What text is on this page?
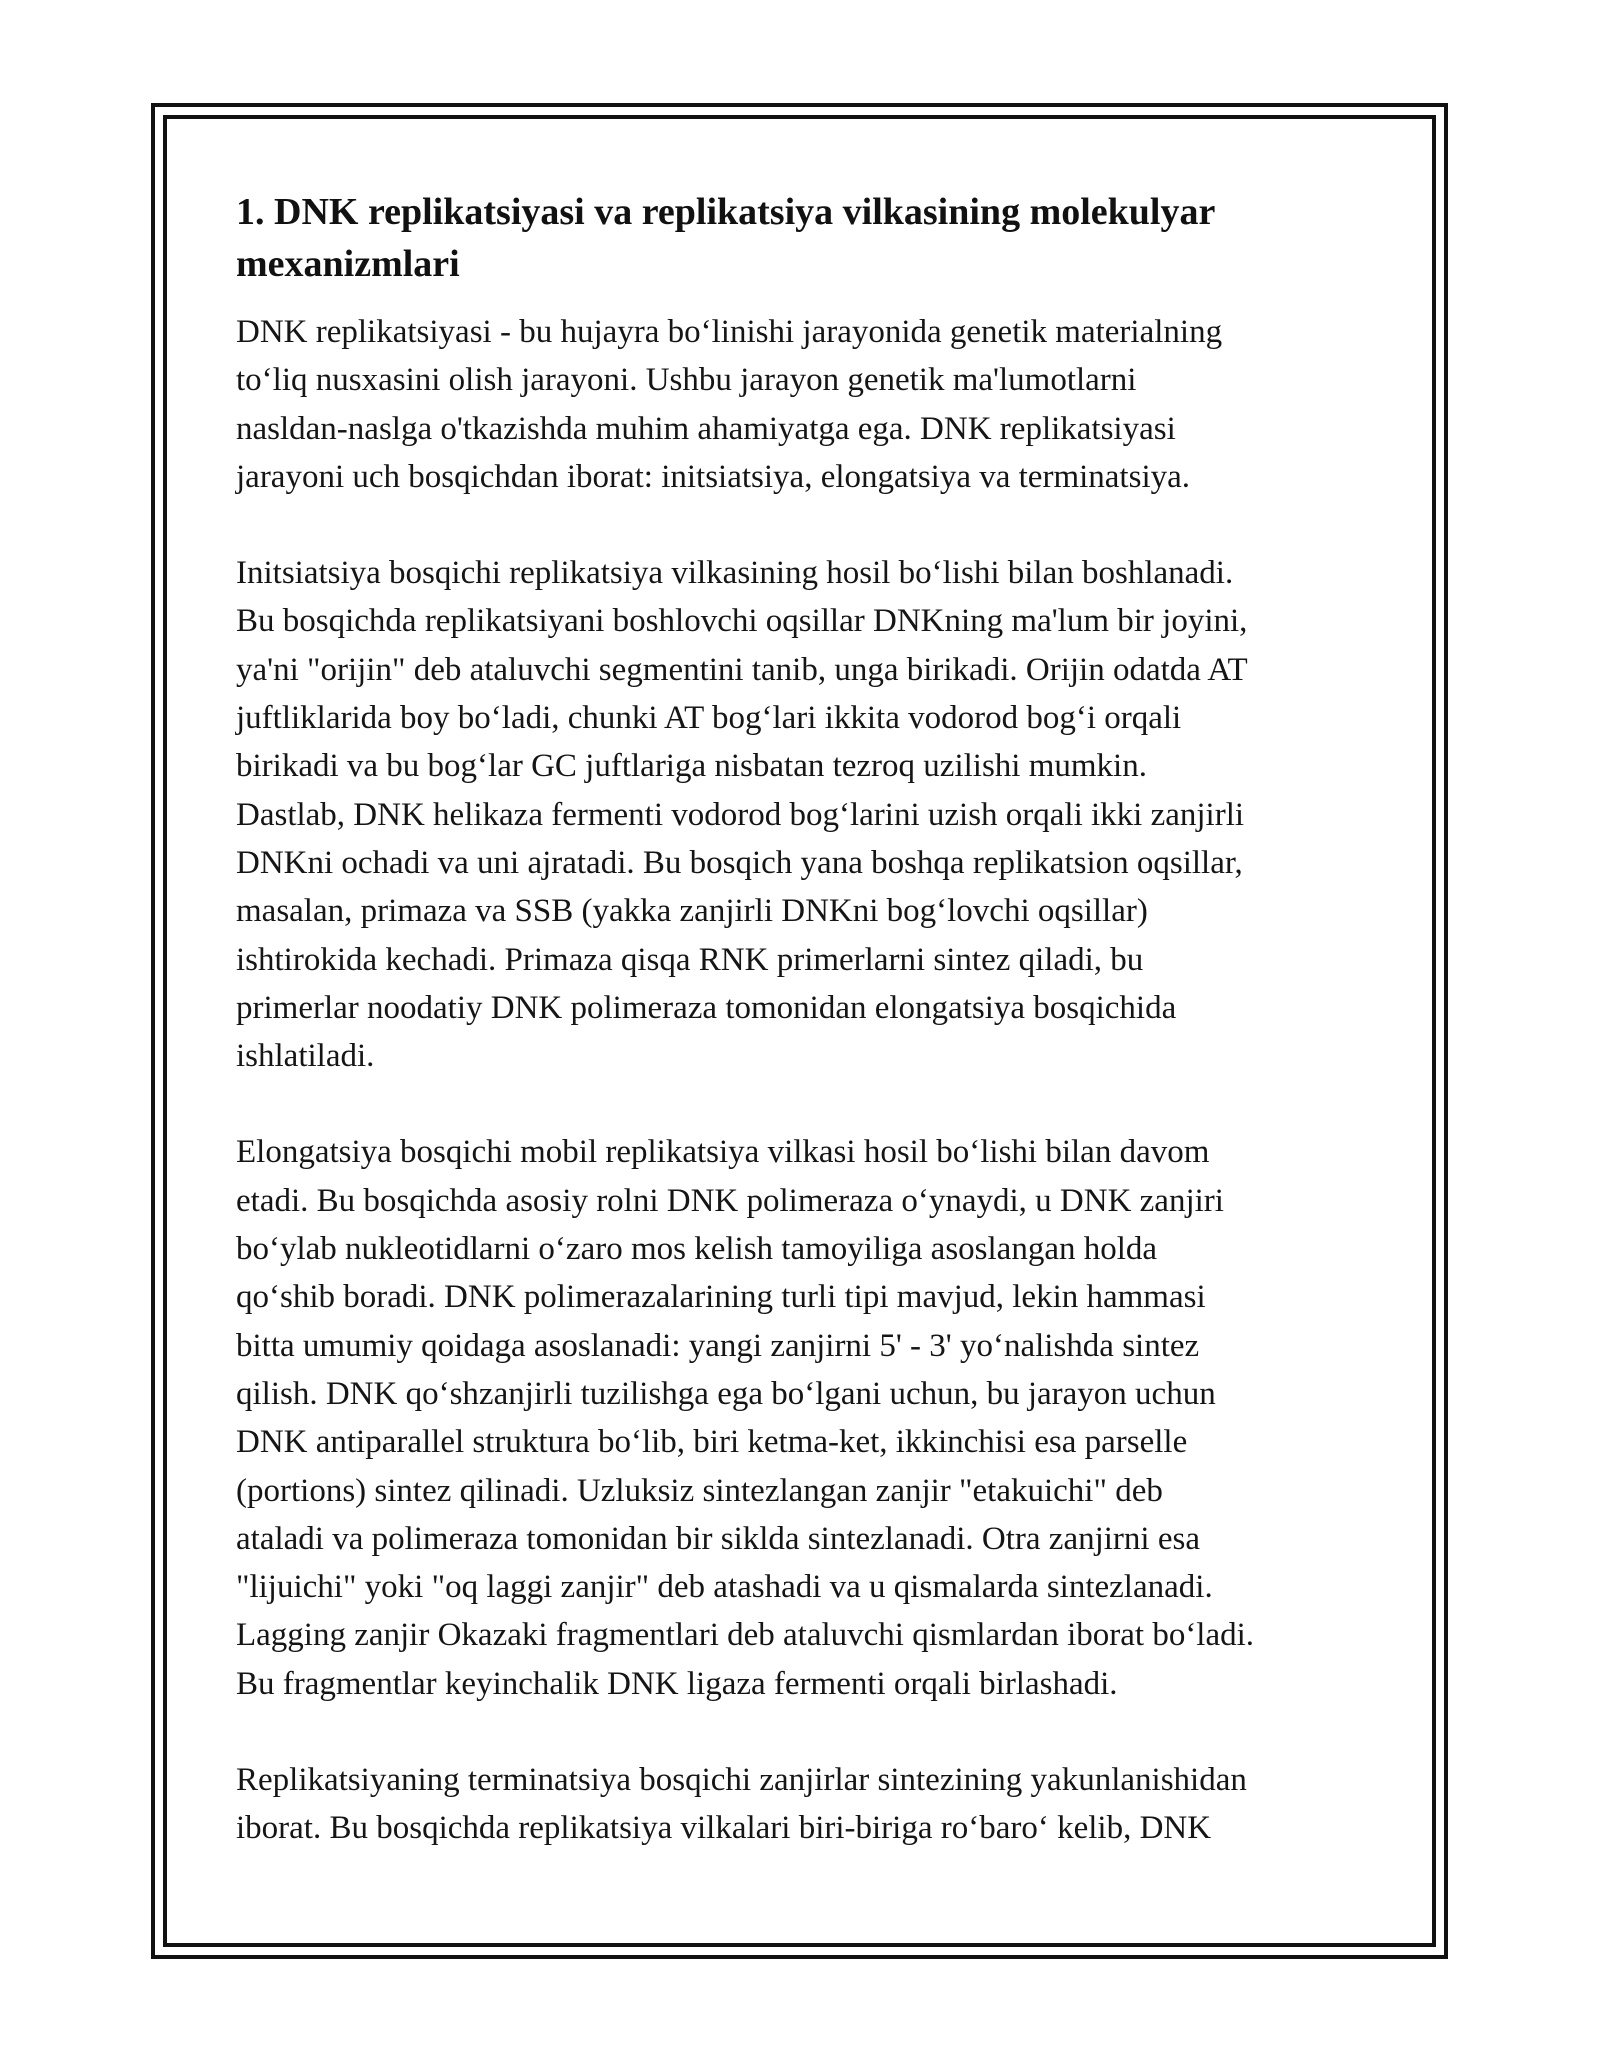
1. DNK replikatsiyasi va replikatsiya vilkasining molekulyar
mexanizmlari

DNK replikatsiyasi - bu hujayra bo‘linishi jarayonida genetik materialning
to‘liq nusxasini olish jarayoni. Ushbu jarayon genetik ma'lumotlarni
nasldan-naslga o'tkazishda muhim ahamiyatga ega. DNK replikatsiyasi
jarayoni uch bosqichdan iborat: initsiatsiya, elongatsiya va terminatsiya.

Initsiatsiya bosqichi replikatsiya vilkasining hosil bo‘lishi bilan boshlanadi.
Bu bosqichda replikatsiyani boshlovchi oqsillar DNKning ma'lum bir joyini,
ya'ni "orijin" deb ataluvchi segmentini tanib, unga birikadi. Orijin odatda AT
juftliklarida boy bo‘ladi, chunki AT bog‘lari ikkita vodorod bog‘i orqali
birikadi va bu bog‘lar GC juftlariga nisbatan tezroq uzilishi mumkin.
Dastlab, DNK helikaza fermenti vodorod bog‘larini uzish orqali ikki zanjirli
DNKni ochadi va uni ajratadi. Bu bosqich yana boshqa replikatsion oqsillar,
masalan, primaza va SSB (yakka zanjirli DNKni bog‘lovchi oqsillar)
ishtirokida kechadi. Primaza qisqa RNK primerlarni sintez qiladi, bu
primerlar noodatiy DNK polimeraza tomonidan elongatsiya bosqichida
ishlatiladi.

Elongatsiya bosqichi mobil replikatsiya vilkasi hosil bo‘lishi bilan davom
etadi. Bu bosqichda asosiy rolni DNK polimeraza o‘ynaydi, u DNK zanjiri
bo‘ylab nukleotidlarni o‘zaro mos kelish tamoyiliga asoslangan holda
qo‘shib boradi. DNK polimerazalarining turli tipi mavjud, lekin hammasi
bitta umumiy qoidaga asoslanadi: yangi zanjirni 5' - 3' yo‘nalishda sintez
qilish. DNK qo‘shzanjirli tuzilishga ega bo‘lgani uchun, bu jarayon uchun
DNK antiparallel struktura bo‘lib, biri ketma-ket, ikkinchisi esa parselle
(portions) sintez qilinadi. Uzluksiz sintezlangan zanjir "etakuichi" deb
ataladi va polimeraza tomonidan bir siklda sintezlanadi. Otra zanjirni esa
"lijuichi" yoki "oq laggi zanjir" deb atashadi va u qismalarda sintezlanadi.
Lagging zanjir Okazaki fragmentlari deb ataluvchi qismlardan iborat bo‘ladi.
Bu fragmentlar keyinchalik DNK ligaza fermenti orqali birlashadi.

Replikatsiyaning terminatsiya bosqichi zanjirlar sintezining yakunlanishidan
iborat. Bu bosqichda replikatsiya vilkalari biri-biriga ro‘baro‘ kelib, DNK
